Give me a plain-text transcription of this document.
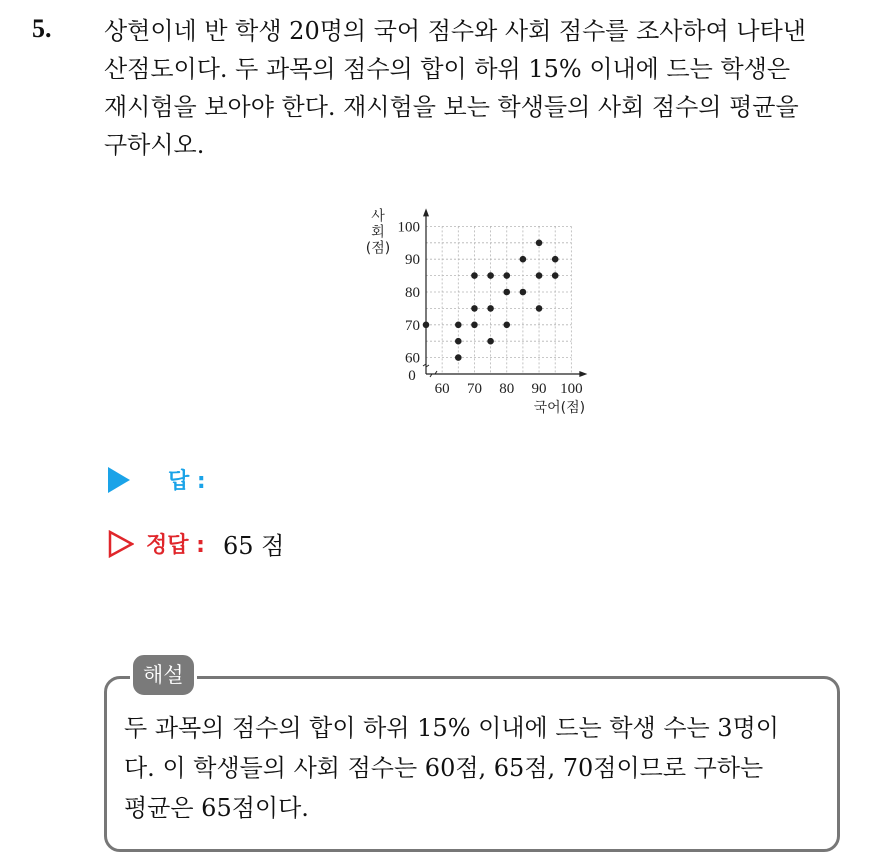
5. 상현이네 반 학생 20명의 국어 점수와 사회 점수를 조사하여 나타낸
산점도이다. 두 과목의 점수의 합이 하위 15% 이내에 드는 학생은
재시험을 보아야 한다. 재시험을 보는 학생들의 사회 점수의 평균을
구하시오.
0
60 70 80 90 100
60
70
80
90
100
국어(점)
사
회
(점)
답 :
정답 : 65 점
해설
두 과목의 점수의 합이 하위 15% 이내에 드는 학생 수는 3명이
다. 이 학생들의 사회 점수는 60점, 65점, 70점이므로 구하는
평균은 65점이다.
